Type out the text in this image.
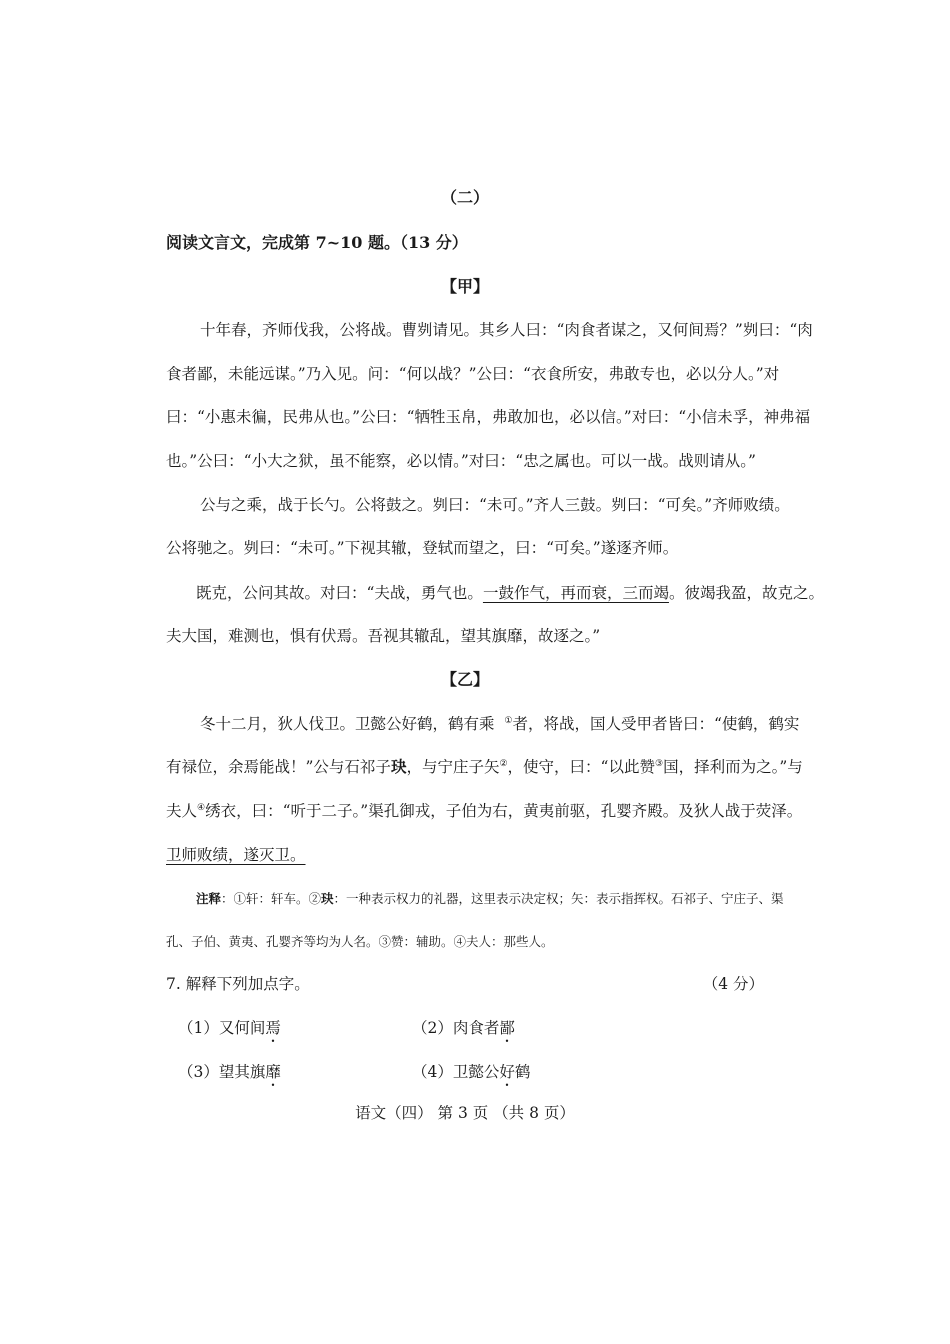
（二）
阅读文言文，完成第 7~10 题。（13 分）
【甲】
十年春，齐师伐我，公将战。曹刿请见。其乡人曰：“肉食者谋之，又何间焉？”刿曰：“肉
食者鄙，未能远谋。”乃入见。问：“何以战？”公曰：“衣食所安，弗敢专也，必以分人。”对
曰：“小惠未徧，民弗从也。”公曰：“牺牲玉帛，弗敢加也，必以信。”对曰：“小信未孚，神弗福
也。”公曰：“小大之狱，虽不能察，必以情。”对曰：“忠之属也。可以一战。战则请从。”
公与之乘，战于长勺。公将鼓之。刿曰：“未可。”齐人三鼓。刿曰：“可矣。”齐师败绩。
公将驰之。刿曰：“未可。”下视其辙，登轼而望之，曰：“可矣。”遂逐齐师。
既克，公问其故。对曰：“夫战，勇气也。一鼓作气，再而衰，三而竭。彼竭我盈，故克之。
夫大国，难测也，惧有伏焉。吾视其辙乱，望其旗靡，故逐之。”
【乙】
冬十二月，狄人伐卫。卫懿公好鹤，鹤有乘 ①者，将战，国人受甲者皆曰：“使鹤，鹤实
有禄位，余焉能战！”公与石祁子玦，与宁庄子矢②，使守，曰：“以此赞③国，择利而为之。”与
夫人④绣衣，曰：“听于二子。”渠孔御戎，子伯为右，黄夷前驱，孔婴齐殿。及狄人战于荧泽。
卫师败绩，遂灭卫。
注释：①轩：轩车。②玦：一种表示权力的礼器，这里表示决定权；矢：表示指挥权。石祁子、宁庄子、渠
孔、子伯、黄夷、孔婴齐等均为人名。③赞：辅助。④夫人：那些人。
7. 解释下列加点字。	（4 分）
（1）又何间焉	（2）肉食者鄙
（3）望其旗靡	（4）卫懿公好鹤
语文（四） 第 3 页 （共 8 页）
